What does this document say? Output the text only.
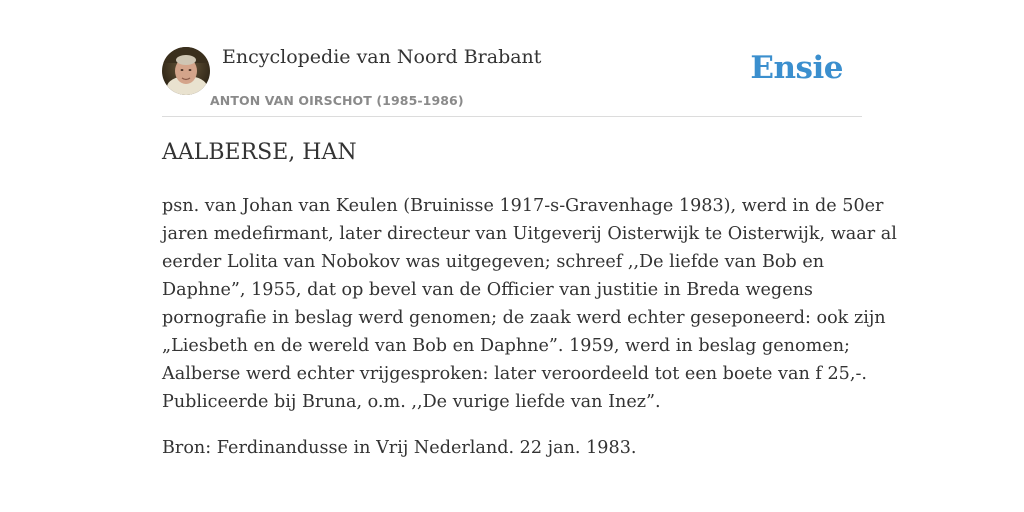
Encyclopedie van Noord Brabant
ANTON VAN OIRSCHOT (1985-1986)
Ensie
AALBERSE, HAN

psn. van Johan van Keulen (Bruinisse 1917-s-Gravenhage 1983), werd in de 50er
jaren medefirmant, later directeur van Uitgeverij Oisterwijk te Oisterwijk, waar al
eerder Lolita van Nobokov was uitgegeven; schreef ,,De liefde van Bob en
Daphne”, 1955, dat op bevel van de Officier van justitie in Breda wegens
pornografie in beslag werd genomen; de zaak werd echter geseponeerd: ook zijn
„Liesbeth en de wereld van Bob en Daphne”. 1959, werd in beslag genomen;
Aalberse werd echter vrijgesproken: later veroordeeld tot een boete van f 25,-.
Publiceerde bij Bruna, o.m. ,,De vurige liefde van Inez”.

Bron: Ferdinandusse in Vrij Nederland. 22 jan. 1983.
